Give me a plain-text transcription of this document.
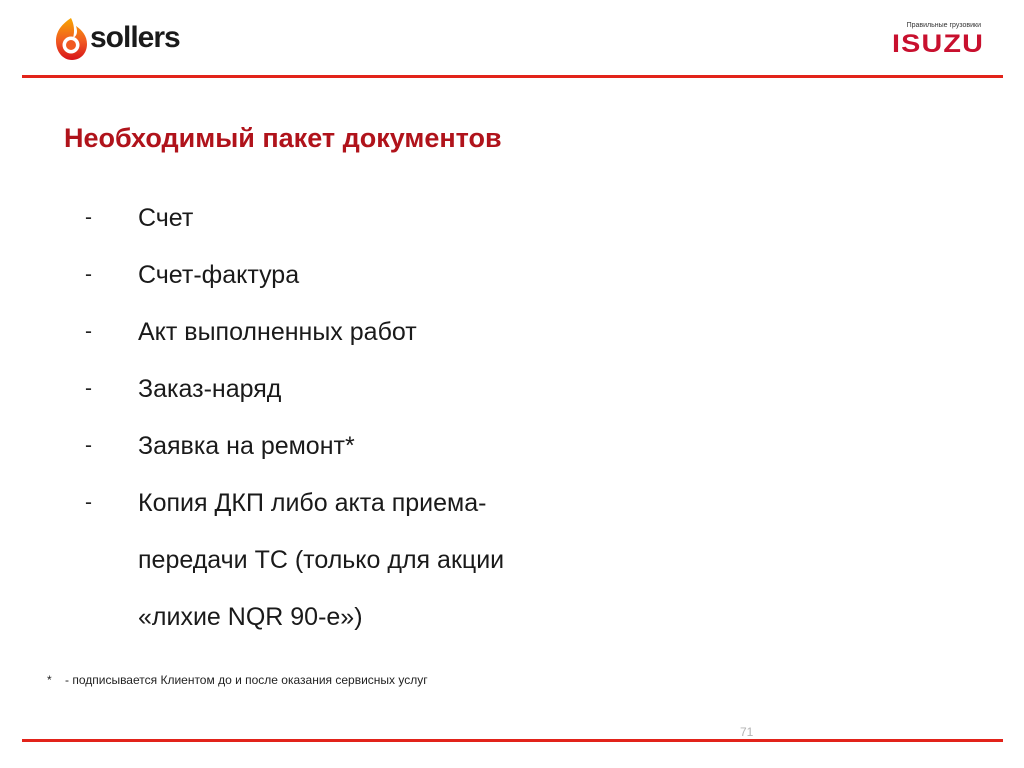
sollers	Правильные грузовики
ISUZU
Необходимый пакет документов
- Счет
- Счет-фактура
- Акт выполненных работ
- Заказ-наряд
- Заявка на ремонт*
- Копия ДКП либо акта приема-
передачи ТС (только для акции
«лихие NQR 90-е»)
* - подписывается Клиентом до и после оказания сервисных услуг
71
